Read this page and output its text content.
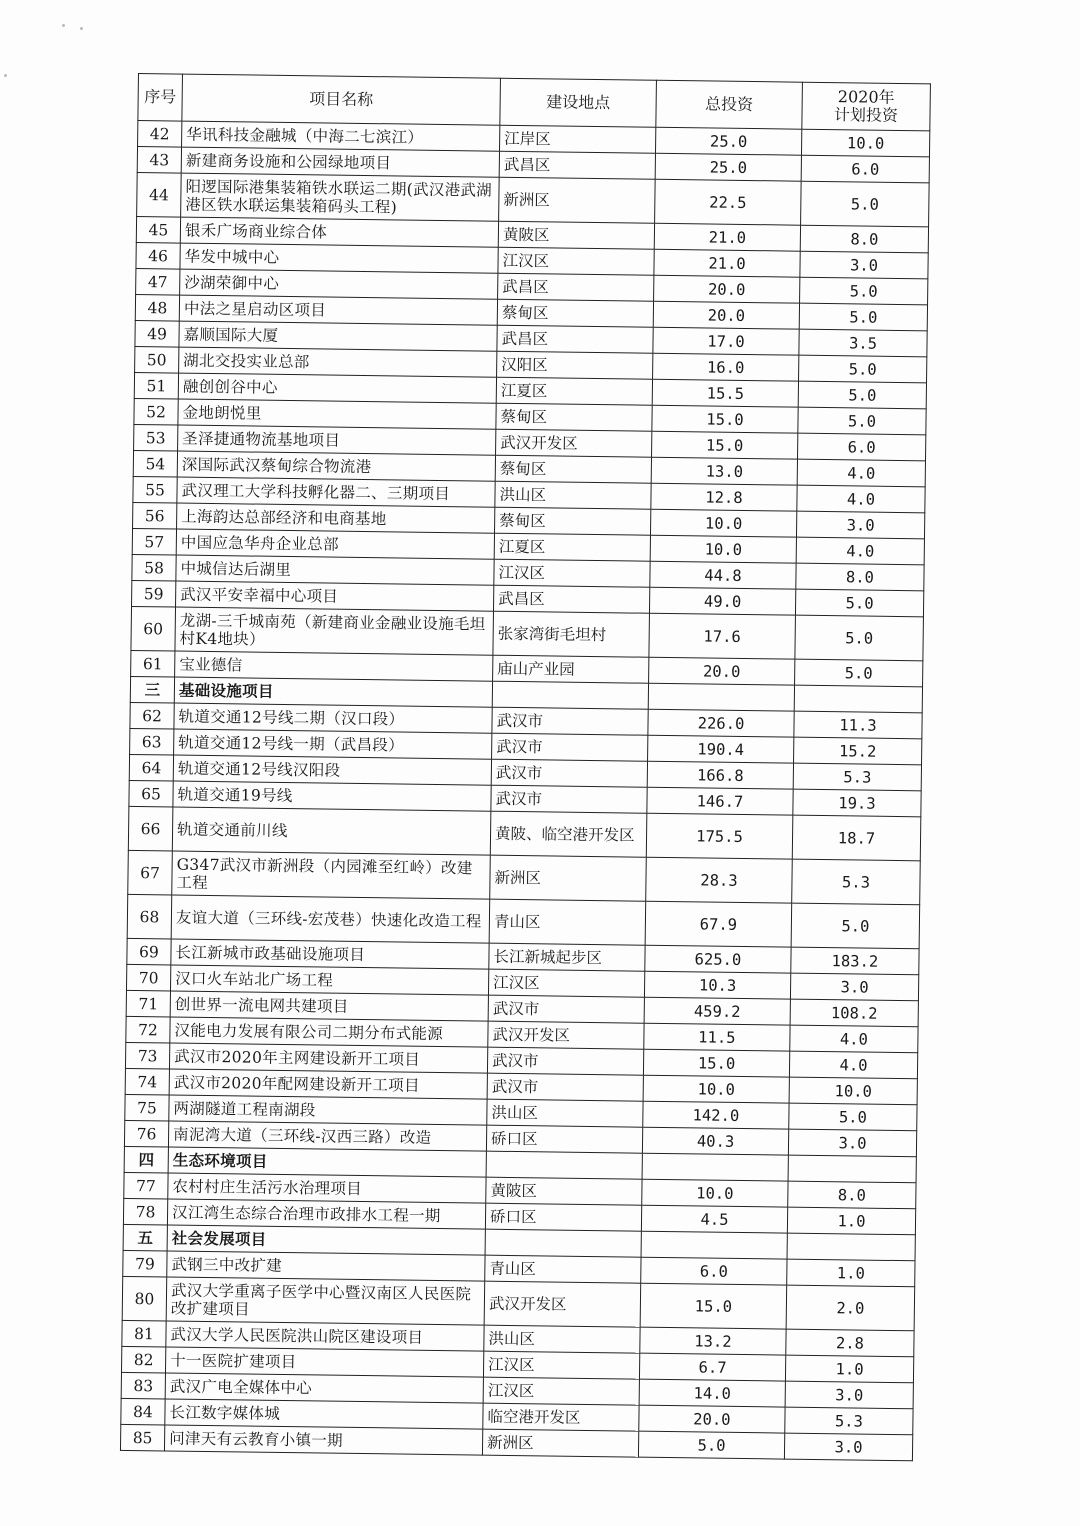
序号	项目名称	建设地点	总投资	2020年
计划投资

42	华讯科技金融城（中海二七滨江）	江岸区	25.0	10.0
43	新建商务设施和公园绿地项目	武昌区	25.0	6.0
44	阳逻国际港集装箱铁水联运二期(武汉港武湖港区铁水联运集装箱码头工程)	新洲区	22.5	5.0
45	银禾广场商业综合体	黄陂区	21.0	8.0
46	华发中城中心	江汉区	21.0	3.0
47	沙湖荣御中心	武昌区	20.0	5.0
48	中法之星启动区项目	蔡甸区	20.0	5.0
49	嘉顺国际大厦	武昌区	17.0	3.5
50	湖北交投实业总部	汉阳区	16.0	5.0
51	融创创谷中心	江夏区	15.5	5.0
52	金地朗悦里	蔡甸区	15.0	5.0
53	圣泽捷通物流基地项目	武汉开发区	15.0	6.0
54	深国际武汉蔡甸综合物流港	蔡甸区	13.0	4.0
55	武汉理工大学科技孵化器二、三期项目	洪山区	12.8	4.0
56	上海韵达总部经济和电商基地	蔡甸区	10.0	3.0
57	中国应急华舟企业总部	江夏区	10.0	4.0
58	中城信达后湖里	江汉区	44.8	8.0
59	武汉平安幸福中心项目	武昌区	49.0	5.0
60	龙湖-三千城南苑（新建商业金融业设施毛坦村K4地块）	张家湾街毛坦村	17.6	5.0
61	宝业德信	庙山产业园	20.0	5.0
三	基础设施项目			
62	轨道交通12号线二期（汉口段）	武汉市	226.0	11.3
63	轨道交通12号线一期（武昌段）	武汉市	190.4	15.2
64	轨道交通12号线汉阳段	武汉市	166.8	5.3
65	轨道交通19号线	武汉市	146.7	19.3
66	轨道交通前川线	黄陂、临空港开发区	175.5	18.7
67	G347武汉市新洲段（内园滩至红岭）改建工程	新洲区	28.3	5.3
68	友谊大道（三环线-宏茂巷）快速化改造工程	青山区	67.9	5.0
69	长江新城市政基础设施项目	长江新城起步区	625.0	183.2
70	汉口火车站北广场工程	江汉区	10.3	3.0
71	创世界一流电网共建项目	武汉市	459.2	108.2
72	汉能电力发展有限公司二期分布式能源	武汉开发区	11.5	4.0
73	武汉市2020年主网建设新开工项目	武汉市	15.0	4.0
74	武汉市2020年配网建设新开工项目	武汉市	10.0	10.0
75	两湖隧道工程南湖段	洪山区	142.0	5.0
76	南泥湾大道（三环线-汉西三路）改造	硚口区	40.3	3.0
四	生态环境项目			
77	农村村庄生活污水治理项目	黄陂区	10.0	8.0
78	汉江湾生态综合治理市政排水工程一期	硚口区	4.5	1.0
五	社会发展项目			
79	武钢三中改扩建	青山区	6.0	1.0
80	武汉大学重离子医学中心暨汉南区人民医院改扩建项目	武汉开发区	15.0	2.0
81	武汉大学人民医院洪山院区建设项目	洪山区	13.2	2.8
82	十一医院扩建项目	江汉区	6.7	1.0
83	武汉广电全媒体中心	江汉区	14.0	3.0
84	长江数字媒体城	临空港开发区	20.0	5.3
85	问津天有云教育小镇一期	新洲区	5.0	3.0
